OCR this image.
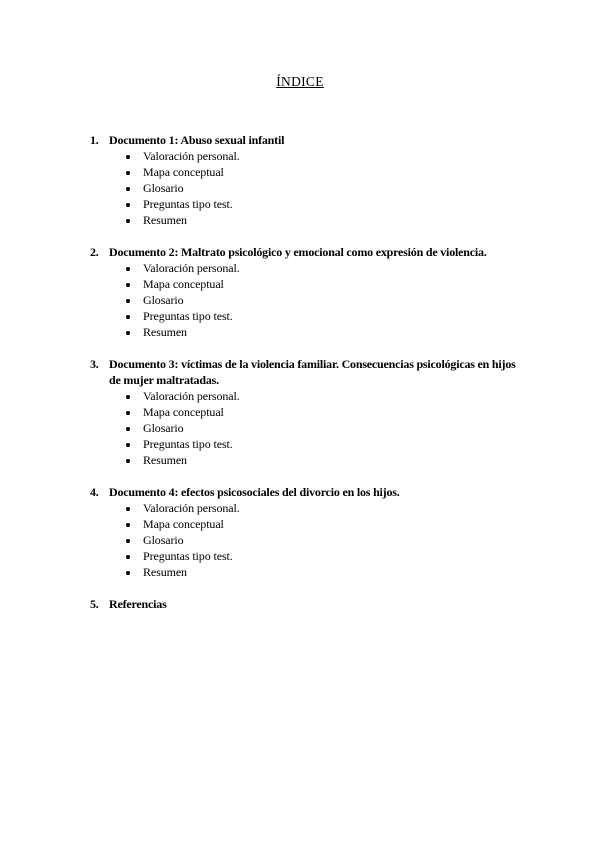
ÍNDICE
1. Documento 1: Abuso sexual infantil
Valoración personal.
Mapa conceptual
Glosario
Preguntas tipo test.
Resumen
2. Documento 2: Maltrato psicológico y emocional como expresión de violencia.
Valoración personal.
Mapa conceptual
Glosario
Preguntas tipo test.
Resumen
3. Documento 3: víctimas de la violencia familiar. Consecuencias psicológicas en hijos de mujer maltratadas.
Valoración personal.
Mapa conceptual
Glosario
Preguntas tipo test.
Resumen
4. Documento 4: efectos psicosociales del divorcio en los hijos.
Valoración personal.
Mapa conceptual
Glosario
Preguntas tipo test.
Resumen
5. Referencias
